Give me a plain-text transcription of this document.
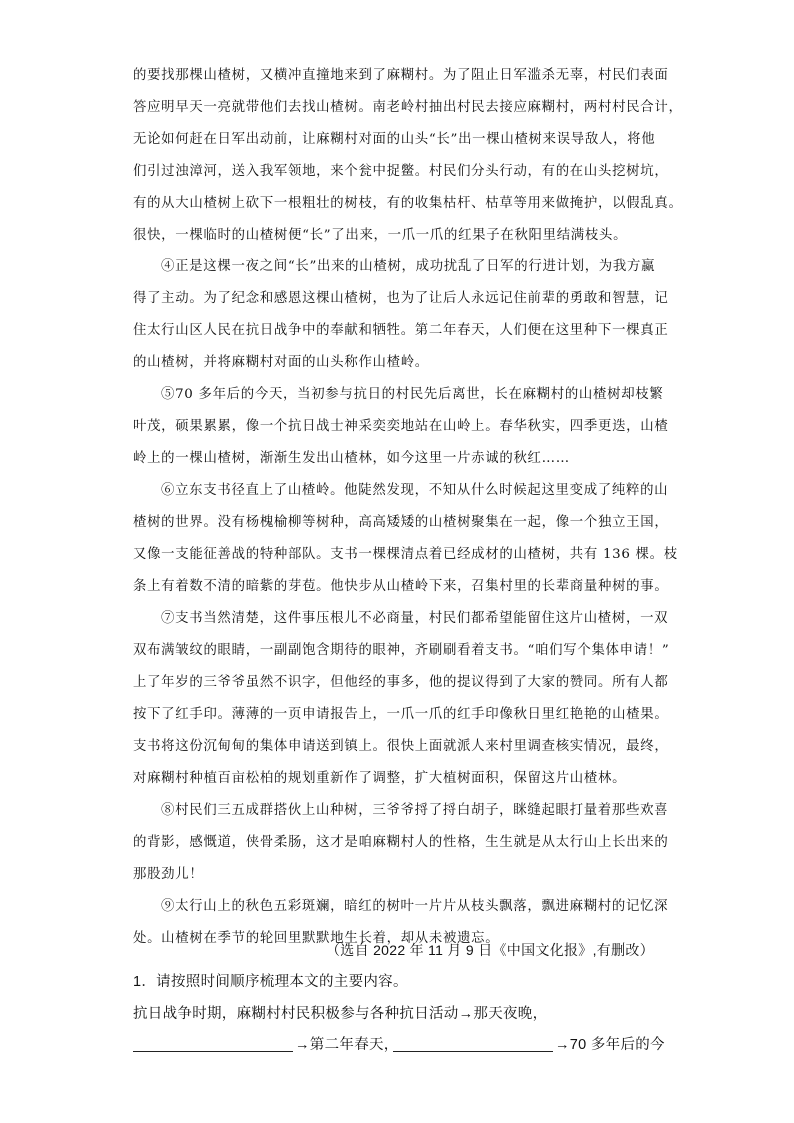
的要找那棵山楂树，又横冲直撞地来到了麻糊村。为了阻止日军滥杀无辜，村民们表面
答应明早天一亮就带他们去找山楂树。南老岭村抽出村民去接应麻糊村，两村村民合计，
无论如何赶在日军出动前，让麻糊村对面的山头“长”出一棵山楂树来误导敌人，将他
们引过浊漳河，送入我军领地，来个瓮中捉鳖。村民们分头行动，有的在山头挖树坑，
有的从大山楂树上砍下一根粗壮的树枝，有的收集枯杆、枯草等用来做掩护，以假乱真。
很快，一棵临时的山楂树便“长”了出来，一爪一爪的红果子在秋阳里结满枝头。
④正是这棵一夜之间“长”出来的山楂树，成功扰乱了日军的行进计划，为我方赢
得了主动。为了纪念和感恩这棵山楂树，也为了让后人永远记住前辈的勇敢和智慧，记
住太行山区人民在抗日战争中的奉献和牺牲。第二年春天，人们便在这里种下一棵真正
的山楂树，并将麻糊村对面的山头称作山楂岭。
⑤70 多年后的今天，当初参与抗日的村民先后离世，长在麻糊村的山楂树却枝繁
叶茂，硕果累累，像一个抗日战士神采奕奕地站在山岭上。春华秋实，四季更迭，山楂
岭上的一棵山楂树，渐渐生发出山楂林，如今这里一片赤诚的秋红……
⑥立东支书径直上了山楂岭。他陡然发现，不知从什么时候起这里变成了纯粹的山
楂树的世界。没有杨槐榆柳等树种，高高矮矮的山楂树聚集在一起，像一个独立王国，
又像一支能征善战的特种部队。支书一棵棵清点着已经成材的山楂树，共有 136 棵。枝
条上有着数不清的暗紫的芽苞。他快步从山楂岭下来，召集村里的长辈商量种树的事。
⑦支书当然清楚，这件事压根儿不必商量，村民们都希望能留住这片山楂树，一双
双布满皱纹的眼睛，一副副饱含期待的眼神，齐刷刷看着支书。“咱们写个集体申请！”
上了年岁的三爷爷虽然不识字，但他经的事多，他的提议得到了大家的赞同。所有人都
按下了红手印。薄薄的一页申请报告上，一爪一爪的红手印像秋日里红艳艳的山楂果。
支书将这份沉甸甸的集体申请送到镇上。很快上面就派人来村里调查核实情况，最终，
对麻糊村种植百亩松柏的规划重新作了调整，扩大植树面积，保留这片山楂林。
⑧村民们三五成群搭伙上山种树，三爷爷捋了捋白胡子，眯缝起眼打量着那些欢喜
的背影，感慨道，侠骨柔肠，这才是咱麻糊村人的性格，生生就是从太行山上长出来的
那股劲儿！
⑨太行山上的秋色五彩斑斓，暗红的树叶一片片从枝头飘落，飘进麻糊村的记忆深
处。山楂树在季节的轮回里默默地生长着，却从未被遗忘。
（选自 2022 年 11 月 9 日《中国文化报》,有删改）
1．请按照时间顺序梳理本文的主要内容。
抗日战争时期，麻糊村村民积极参与各种抗日活动→那天夜晚，
→第二年春天，	→70 多年后的今
